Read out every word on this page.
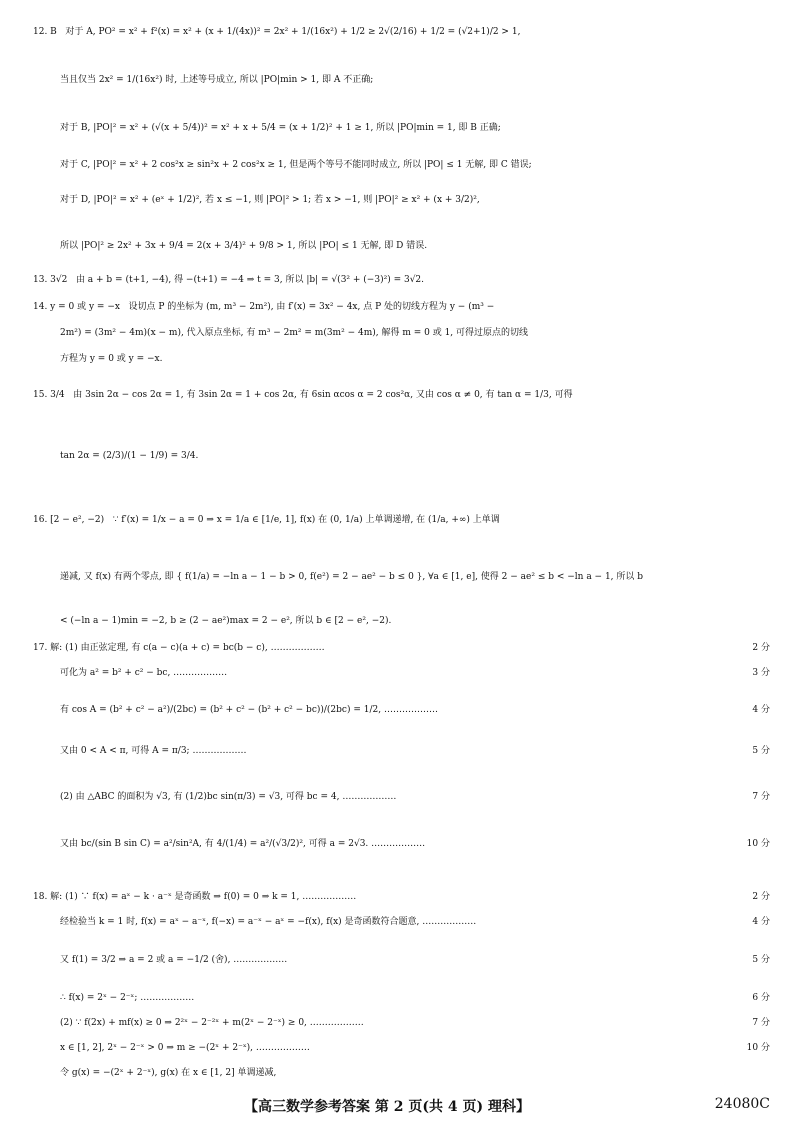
12. B   对于 A, PO² = x² + f²(x) = x² + (x + 1/(4x))² = 2x² + 1/(16x²) + 1/2 ≥ 2√(2/16) + 1/2 = (√2+1)/2 > 1,
当且仅当 2x² = 1/(16x²) 时, 上述等号成立, 所以 |PO|min > 1, 即 A 不正确;
对于 B, |PO|² = x² + (√(x + 5/4))² = x² + x + 5/4 = (x + 1/2)² + 1 ≥ 1, 所以 |PO|min = 1, 即 B 正确;
对于 C, |PO|² = x² + 2 cos²x ≥ sin²x + 2 cos²x ≥ 1, 但是两个等号不能同时成立, 所以 |PO| ≤ 1 无解, 即 C 错误;
对于 D, |PO|² = x² + (eˣ + 1/2)², 若 x ≤ −1, 则 |PO|² > 1; 若 x > −1, 则 |PO|² ≥ x² + (x + 3/2)²,
所以 |PO|² ≥ 2x² + 3x + 9/4 = 2(x + 3/4)² + 9/8 > 1, 所以 |PO| ≤ 1 无解, 即 D 错误.
13. 3√2   由 a + b = (t+1, −4), 得 −(t+1) = −4 ⇒ t = 3, 所以 |b| = √(3² + (−3)²) = 3√2.
14. y = 0 或 y = −x   设切点 P 的坐标为 (m, m³ − 2m²), 由 f′(x) = 3x² − 4x, 点 P 处的切线方程为 y − (m³ −
2m²) = (3m² − 4m)(x − m), 代入原点坐标, 有 m³ − 2m² = m(3m² − 4m), 解得 m = 0 或 1, 可得过原点的切线
方程为 y = 0 或 y = −x.
15. 3/4   由 3sin 2α − cos 2α = 1, 有 3sin 2α = 1 + cos 2α, 有 6sin αcos α = 2 cos²α, 又由 cos α ≠ 0, 有 tan α = 1/3, 可得
tan 2α = (2/3)/(1 − 1/9) = 3/4.
16. [2 − e², −2)   ∵ f′(x) = 1/x − a = 0 ⇒ x = 1/a ∈ [1/e, 1], f(x) 在 (0, 1/a) 上单调递增, 在 (1/a, +∞) 上单调
递减, 又 f(x) 有两个零点, 即 { f(1/a) = −ln a − 1 − b > 0, f(e²) = 2 − ae² − b ≤ 0 }, ∀a ∈ [1, e], 使得 2 − ae² ≤ b < −ln a − 1, 所以 b
< (−ln a − 1)min = −2, b ≥ (2 − ae²)max = 2 − e², 所以 b ∈ [2 − e², −2).
17. 解: (1) 由正弦定理, 有 c(a − c)(a + c) = bc(b − c), ………………	2 分
可化为 a² = b² + c² − bc, ………………	3 分
有 cos A = (b² + c² − a²)/(2bc) = (b² + c² − (b² + c² − bc))/(2bc) = 1/2, ………………	4 分
又由 0 < A < π, 可得 A = π/3; ………………	5 分
(2) 由 △ABC 的面积为 √3, 有 (1/2)bc sin(π/3) = √3, 可得 bc = 4, ………………	7 分
又由 bc/(sin B sin C) = a²/sin²A, 有 4/(1/4) = a²/(√3/2)², 可得 a = 2√3. ………………	10 分
18. 解: (1) ∵ f(x) = aˣ − k · a⁻ˣ 是奇函数 ⇒ f(0) = 0 ⇒ k = 1, ………………	2 分
经检验当 k = 1 时, f(x) = aˣ − a⁻ˣ, f(−x) = a⁻ˣ − aˣ = −f(x), f(x) 是奇函数符合题意, ………………	4 分
又 f(1) = 3/2 ⇒ a = 2 或 a = −1/2 (舍), ………………	5 分
∴ f(x) = 2ˣ − 2⁻ˣ; ………………	6 分
(2) ∵ f(2x) + mf(x) ≥ 0 ⇒ 2²ˣ − 2⁻²ˣ + m(2ˣ − 2⁻ˣ) ≥ 0, ………………	7 分
x ∈ [1, 2], 2ˣ − 2⁻ˣ > 0 ⇒ m ≥ −(2ˣ + 2⁻ˣ), ………………	10 分
令 g(x) = −(2ˣ + 2⁻ˣ), g(x) 在 x ∈ [1, 2] 单调递减,
【高三数学参考答案 第 2 页(共 4 页) 理科】	24080C
